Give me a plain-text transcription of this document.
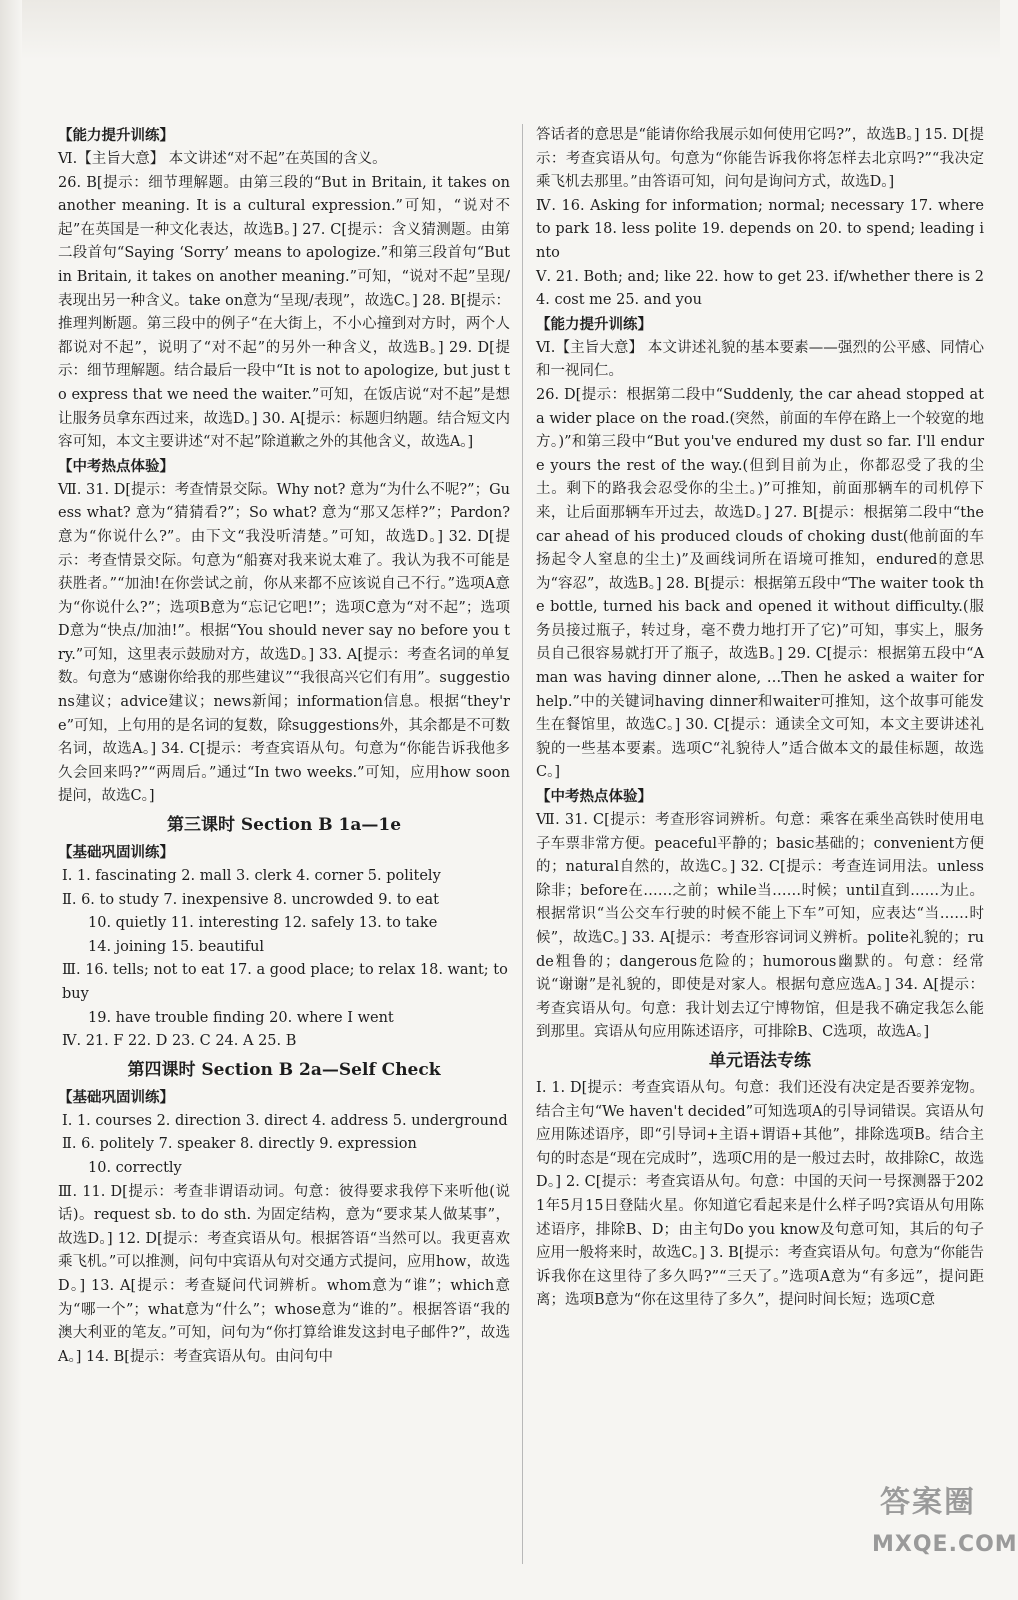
【能力提升训练】

Ⅵ.【主旨大意】 本文讲述“对不起”在英国的含义。

26. B[提示：细节理解题。由第三段的“But in Britain, it takes on another meaning. It is a cultural expression.”可知，“说对不起”在英国是一种文化表达，故选B。] 27. C[提示：含义猜测题。由第二段首句“Saying ‘Sorry’ means to apologize.”和第三段首句“But in Britain, it takes on another meaning.”可知，“说对不起”呈现/表现出另一种含义。take on意为“呈现/表现”，故选C。] 28. B[提示：推理判断题。第三段中的例子“在大街上，不小心撞到对方时，两个人都说对不起”，说明了“对不起”的另外一种含义，故选B。] 29. D[提示：细节理解题。结合最后一段中“It is not to apologize, but just to express that we need the waiter.”可知，在饭店说“对不起”是想让服务员拿东西过来，故选D。] 30. A[提示：标题归纳题。结合短文内容可知，本文主要讲述“对不起”除道歉之外的其他含义，故选A。]

【中考热点体验】

Ⅶ. 31. D[提示：考查情景交际。Why not? 意为“为什么不呢?”；Guess what? 意为“猜猜看?”；So what? 意为“那又怎样?”；Pardon? 意为“你说什么?”。由下文“我没听清楚。”可知，故选D。] 32. D[提示：考查情景交际。句意为“船赛对我来说太难了。我认为我不可能是获胜者。”“加油!在你尝试之前，你从来都不应该说自己不行。”选项A意为“你说什么?”；选项B意为“忘记它吧!”；选项C意为“对不起”；选项D意为“快点/加油!”。根据“You should never say no before you try.”可知，这里表示鼓励对方，故选D。] 33. A[提示：考查名词的单复数。句意为“感谢你给我的那些建议”“我很高兴它们有用”。suggestions建议；advice建议；news新闻；information信息。根据“they're”可知，上句用的是名词的复数，除suggestions外，其余都是不可数名词，故选A。] 34. C[提示：考查宾语从句。句意为“你能告诉我他多久会回来吗?”“两周后。”通过“In two weeks.”可知，应用how soon提问，故选C。]

第三课时 Section B 1a—1e
【基础巩固训练】
Ⅰ. 1. fascinating 2. mall 3. clerk 4. corner 5. politely
Ⅱ. 6. to study 7. inexpensive 8. uncrowded 9. to eat
10. quietly 11. interesting 12. safely 13. to take
14. joining 15. beautiful
Ⅲ. 16. tells; not to eat 17. a good place; to relax 18. want; to buy
19. have trouble finding 20. where I went
Ⅳ. 21. F 22. D 23. C 24. A 25. B
第四课时 Section B 2a—Self Check
【基础巩固训练】
Ⅰ. 1. courses 2. direction 3. direct 4. address 5. underground
Ⅱ. 6. politely 7. speaker 8. directly 9. expression
10. correctly

Ⅲ. 11. D[提示：考查非谓语动词。句意：彼得要求我停下来听他(说话)。request sb. to do sth. 为固定结构，意为“要求某人做某事”，故选D。] 12. D[提示：考查宾语从句。根据答语“当然可以。我更喜欢乘飞机。”可以推测，问句中宾语从句对交通方式提问，应用how，故选D。] 13. A[提示：考查疑问代词辨析。whom意为“谁”；which意为“哪一个”；what意为“什么”；whose意为“谁的”。根据答语“我的澳大利亚的笔友。”可知，问句为“你打算给谁发这封电子邮件?”，故选A。] 14. B[提示：考查宾语从句。由问句中

答话者的意思是“能请你给我展示如何使用它吗?”，故选B。] 15. D[提示：考查宾语从句。句意为“你能告诉我你将怎样去北京吗?”“我决定乘飞机去那里。”由答语可知，问句是询问方式，故选D。]

Ⅳ. 16. Asking for information; normal; necessary 17. where to park 18. less polite 19. depends on 20. to spend; leading into

Ⅴ. 21. Both; and; like 22. how to get 23. if/whether there is 24. cost me 25. and you

【能力提升训练】

Ⅵ.【主旨大意】 本文讲述礼貌的基本要素——强烈的公平感、同情心和一视同仁。

26. D[提示：根据第二段中“Suddenly, the car ahead stopped at a wider place on the road.(突然，前面的车停在路上一个较宽的地方。)”和第三段中“But you've endured my dust so far. I'll endure yours the rest of the way.(但到目前为止，你都忍受了我的尘土。剩下的路我会忍受你的尘土。)”可推知，前面那辆车的司机停下来，让后面那辆车开过去，故选D。] 27. B[提示：根据第二段中“the car ahead of his produced clouds of choking dust(他前面的车扬起令人窒息的尘土)”及画线词所在语境可推知，endured的意思为“容忍”，故选B。] 28. B[提示：根据第五段中“The waiter took the bottle, turned his back and opened it without difficulty.(服务员接过瓶子，转过身，毫不费力地打开了它)”可知，事实上，服务员自己很容易就打开了瓶子，故选B。] 29. C[提示：根据第五段中“A man was having dinner alone, …Then he asked a waiter for help.”中的关键词having dinner和waiter可推知，这个故事可能发生在餐馆里，故选C。] 30. C[提示：通读全文可知，本文主要讲述礼貌的一些基本要素。选项C“礼貌待人”适合做本文的最佳标题，故选C。]

【中考热点体验】

Ⅶ. 31. C[提示：考查形容词辨析。句意：乘客在乘坐高铁时使用电子车票非常方便。peaceful平静的；basic基础的；convenient方便的；natural自然的，故选C。] 32. C[提示：考查连词用法。unless除非；before在……之前；while当……时候；until直到……为止。根据常识“当公交车行驶的时候不能上下车”可知，应表达“当……时候”，故选C。] 33. A[提示：考查形容词词义辨析。polite礼貌的；rude粗鲁的；dangerous危险的；humorous幽默的。句意：经常说“谢谢”是礼貌的，即使是对家人。根据句意应选A。] 34. A[提示：考查宾语从句。句意：我计划去辽宁博物馆，但是我不确定我怎么能到那里。宾语从句应用陈述语序，可排除B、C选项，故选A。]

单元语法专练

Ⅰ. 1. D[提示：考查宾语从句。句意：我们还没有决定是否要养宠物。结合主句“We haven't decided”可知选项A的引导词错误。宾语从句应用陈述语序，即“引导词+主语+谓语+其他”，排除选项B。结合主句的时态是“现在完成时”，选项C用的是一般过去时，故排除C，故选D。] 2. C[提示：考查宾语从句。句意：中国的天问一号探测器于2021年5月15日登陆火星。你知道它看起来是什么样子吗?宾语从句用陈述语序，排除B、D；由主句Do you know及句意可知，其后的句子应用一般将来时，故选C。] 3. B[提示：考查宾语从句。句意为“你能告诉我你在这里待了多久吗?”“三天了。”选项A意为“有多远”，提问距离；选项B意为“你在这里待了多久”，提问时间长短；选项C意

答案圈
MXQE.COM
